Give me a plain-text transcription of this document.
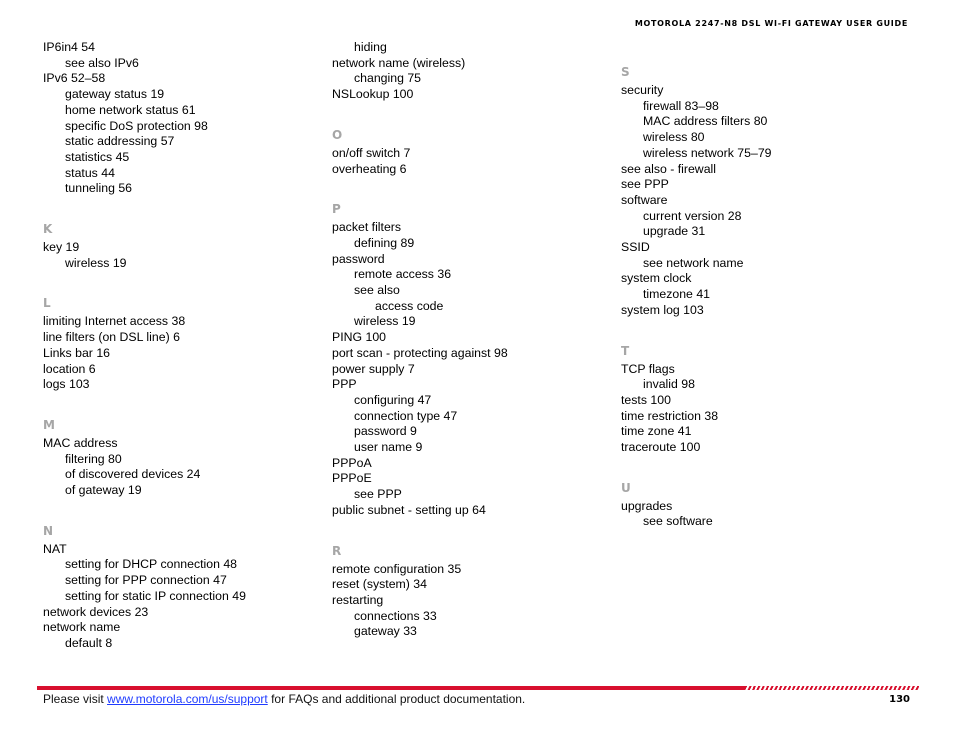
MOTOROLA 2247-N8 DSL WI-FI GATEWAY USER GUIDE
IP6in4 54
see also IPv6
IPv6 52–58
gateway status 19
home network status 61
specific DoS protection 98
static addressing 57
statistics 45
status 44
tunneling 56
K
key 19
wireless 19
L
limiting Internet access 38
line filters (on DSL line) 6
Links bar 16
location 6
logs 103
M
MAC address
filtering 80
of discovered devices 24
of gateway 19
N
NAT
setting for DHCP connection 48
setting for PPP connection 47
setting for static IP connection 49
network devices 23
network name
default 8
hiding
network name (wireless)
changing 75
NSLookup 100
O
on/off switch 7
overheating 6
P
packet filters
defining 89
password
remote access 36
see also
access code
wireless 19
PING 100
port scan - protecting against 98
power supply 7
PPP
configuring 47
connection type 47
password 9
user name 9
PPPoA
PPPoE
see PPP
public subnet - setting up 64
R
remote configuration 35
reset (system) 34
restarting
connections 33
gateway 33
S
security
firewall 83–98
MAC address filters 80
wireless 80
wireless network 75–79
see also - firewall
see PPP
software
current version 28
upgrade 31
SSID
see network name
system clock
timezone 41
system log 103
T
TCP flags
invalid 98
tests 100
time restriction 38
time zone 41
traceroute 100
U
upgrades
see software
Please visit www.motorola.com/us/support for FAQs and additional product documentation.	130
